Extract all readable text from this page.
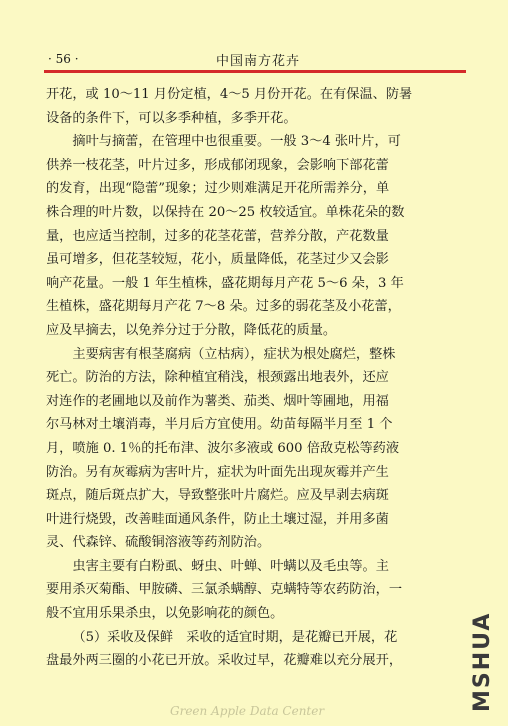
· 56 ·	中国南方花卉

开花，或 10～11 月份定植，4～5 月份开花。在有保温、防暑

设备的条件下，可以多季种植，多季开花。

摘叶与摘蕾，在管理中也很重要。一般 3～4 张叶片，可

供养一枝花茎，叶片过多，形成郁闭现象，会影响下部花蕾

的发育，出现“隐蕾”现象；过少则难满足开花所需养分，单

株合理的叶片数，以保持在 20～25 枚较适宜。单株花朵的数

量，也应适当控制，过多的花茎花蕾，营养分散，产花数量

虽可增多，但花茎较短，花小，质量降低，花茎过少又会影

响产花量。一般 1 年生植株，盛花期每月产花 5～6 朵，3 年

生植株，盛花期每月产花 7～8 朵。过多的弱花茎及小花蕾，

应及早摘去，以免养分过于分散，降低花的质量。

主要病害有根茎腐病（立枯病），症状为根处腐烂，整株

死亡。防治的方法，除种植宜稍浅，根颈露出地表外，还应

对连作的老圃地以及前作为薯类、茄类、烟叶等圃地，用福

尔马林对土壤消毒，半月后方宜使用。幼苗每隔半月至 1 个

月，喷施 0. 1％的托布津、波尔多液或 600 倍敌克松等药液

防治。另有灰霉病为害叶片，症状为叶面先出现灰霉并产生

斑点，随后斑点扩大，导致整张叶片腐烂。应及早剥去病斑

叶进行烧毁，改善畦面通风条件，防止土壤过湿，并用多菌

灵、代森锌、硫酸铜溶液等药剂防治。

虫害主要有白粉虱、蚜虫、叶蝉、叶螨以及毛虫等。主

要用杀灭菊酯、甲胺磷、三氯杀螨醇、克螨特等农药防治，一

般不宜用乐果杀虫，以免影响花的颜色。

（5）采收及保鲜　采收的适宜时期，是花瓣已开展，花

盘最外两三圈的小花已开放。采收过早，花瓣难以充分展开，	MSHUA
Green Apple Data Center
